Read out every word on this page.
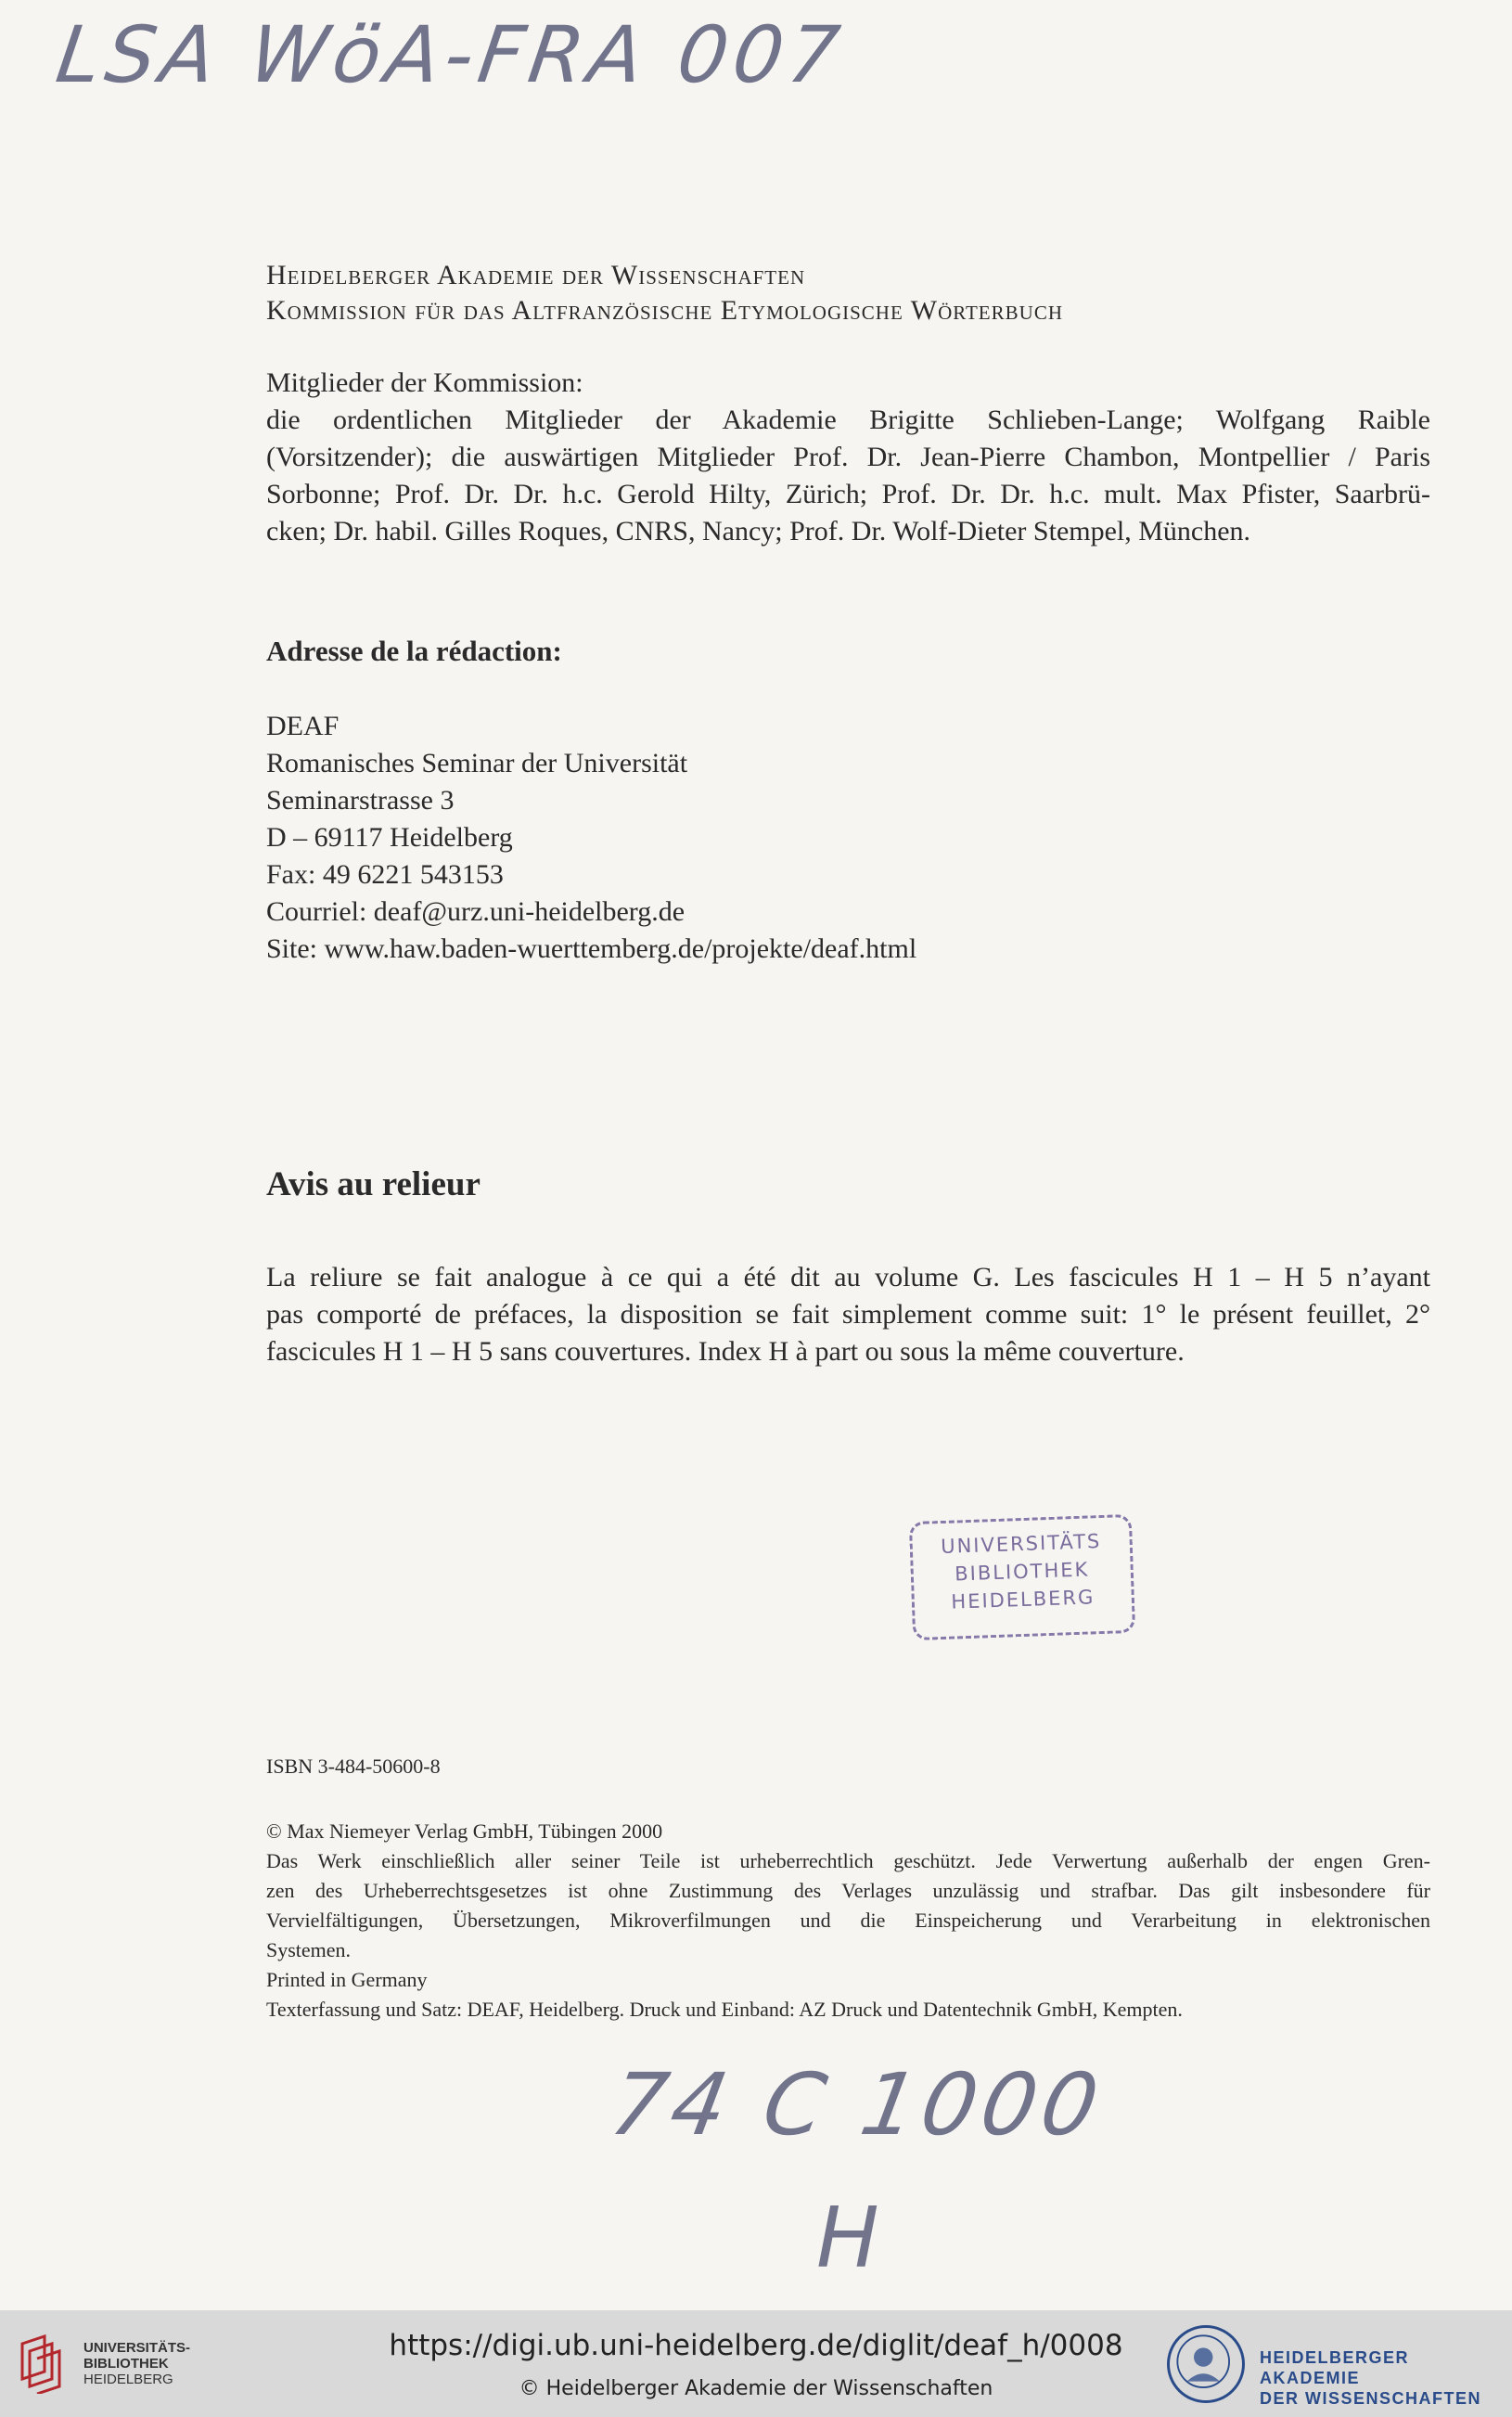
LSA WöA-FRA 007
Heidelberger Akademie der Wissenschaften
Kommission für das Altfranzösische Etymologische Wörterbuch
Mitglieder der Kommission:
die ordentlichen Mitglieder der Akademie Brigitte Schlieben-Lange; Wolfgang Raible
(Vorsitzender); die auswärtigen Mitglieder Prof. Dr. Jean-Pierre Chambon, Montpellier / Paris
Sorbonne; Prof. Dr. Dr. h.c. Gerold Hilty, Zürich; Prof. Dr. Dr. h.c. mult. Max Pfister, Saarbrü-
cken; Dr. habil. Gilles Roques, CNRS, Nancy; Prof. Dr. Wolf-Dieter Stempel, München.
Adresse de la rédaction:
DEAF
Romanisches Seminar der Universität
Seminarstrasse 3
D – 69117 Heidelberg
Fax: 49 6221 543153
Courriel: deaf@urz.uni-heidelberg.de
Site: www.haw.baden-wuerttemberg.de/projekte/deaf.html
Avis au relieur
La reliure se fait analogue à ce qui a été dit au volume G. Les fascicules H 1 – H 5 n’ayant
pas comporté de préfaces, la disposition se fait simplement comme suit: 1° le présent feuillet, 2°
fascicules H 1 – H 5 sans couvertures. Index H à part ou sous la même couverture.
UNIVERSITÄTS
BIBLIOTHEK
HEIDELBERG
ISBN 3-484-50600-8
© Max Niemeyer Verlag GmbH, Tübingen 2000
Das Werk einschließlich aller seiner Teile ist urheberrechtlich geschützt. Jede Verwertung außerhalb der engen Gren-
zen des Urheberrechtsgesetzes ist ohne Zustimmung des Verlages unzulässig und strafbar. Das gilt insbesondere für
Vervielfältigungen, Übersetzungen, Mikroverfilmungen und die Einspeicherung und Verarbeitung in elektronischen
Systemen.
Printed in Germany
Texterfassung und Satz: DEAF, Heidelberg. Druck und Einband: AZ Druck und Datentechnik GmbH, Kempten.
74 C 1000
H
UNIVERSITÄTS-
BIBLIOTHEK
HEIDELBERG
https://digi.ub.uni-heidelberg.de/diglit/deaf_h/0008
© Heidelberger Akademie der Wissenschaften
HEIDELBERGER AKADEMIE
DER WISSENSCHAFTEN
